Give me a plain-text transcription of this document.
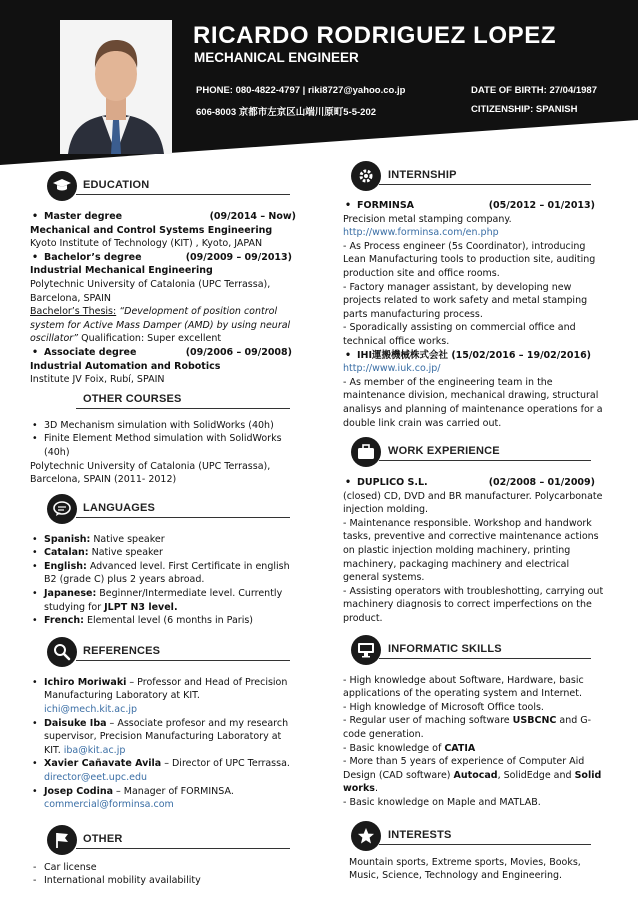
RICARDO RODRIGUEZ LOPEZ
MECHANICAL ENGINEER
PHONE: 080-4822-4797 | riki8727@yahoo.co.jp
606-8003 京都市左京区山端川原町5-5-202
DATE OF BIRTH: 27/04/1987
CITIZENSHIP: SPANISH
EDUCATION
• Master degree	(09/2014 – Now)
Mechanical and Control Systems Engineering
Kyoto Institute of Technology (KIT) , Kyoto, JAPAN
• Bachelor’s degree	(09/2009 – 09/2013)
Industrial Mechanical Engineering
Polytechnic University of Catalonia (UPC Terrassa), Barcelona, SPAIN
Bachelor’s Thesis: “Development of position control system for Active Mass Damper (AMD) by using neural oscillator” Qualification: Super excellent
• Associate degree	(09/2006 – 09/2008)
Industrial Automation and Robotics
Institute JV Foix, Rubí, SPAIN
OTHER COURSES
• 3D Mechanism simulation with SolidWorks (40h)
• Finite Element Method simulation with SolidWorks (40h)
Polytechnic University of Catalonia (UPC Terrassa), Barcelona, SPAIN (2011- 2012)
LANGUAGES
• Spanish: Native speaker
• Catalan: Native speaker
• English: Advanced level. First Certificate in english B2 (grade C) plus 2 years abroad.
• Japanese: Beginner/Intermediate level. Currently studying for JLPT N3 level.
• French: Elemental level (6 months in Paris)
REFERENCES
• Ichiro Moriwaki – Professor and Head of Precision Manufacturing Laboratory at KIT.
ichi@mech.kit.ac.jp
• Daisuke Iba – Associate profesor and my research supervisor, Precision Manufacturing Laboratory at KIT. iba@kit.ac.jp
• Xavier Cañavate Avila – Director of UPC Terrassa.
director@eet.upc.edu
• Josep Codina – Manager of FORMINSA.
commercial@forminsa.com
OTHER
- Car license
- International mobility availability
INTERNSHIP
• FORMINSA	(05/2012 – 01/2013)
Precision metal stamping company.
http://www.forminsa.com/en.php
- As Process engineer (5s Coordinator), introducing Lean Manufacturing tools to production site, auditing production site and office rooms.
- Factory manager assistant, by developing new projects related to work safety and metal stamping parts manufacturing process.
- Sporadically assisting on commercial office and technical office works.
• IHI運搬機械株式会社 (15/02/2016 – 19/02/2016)
http://www.iuk.co.jp/
- As member of the engineering team in the maintenance division, mechanical drawing, structural analisys and planning of maintenance operations for a double link crain was carried out.
WORK EXPERIENCE
• DUPLICO S.L.	(02/2008 – 01/2009)
(closed) CD, DVD and BR manufacturer. Polycarbonate injection molding.
- Maintenance responsible. Workshop and handwork tasks, preventive and corrective maintenance actions on plastic injection molding machinery, printing machinery, packaging machinery and electrical general systems.
- Assisting operators with troubleshotting, carrying out machinery diagnosis to correct imperfections on the product.
INFORMATIC SKILLS
- High knowledge about Software, Hardware, basic applications of the operating system and Internet.
- High knowledge of Microsoft Office tools.
- Regular user of maching software USBCNC and G-code generation.
- Basic knowledge of CATIA
- More than 5 years of experience of Computer Aid Design (CAD software) Autocad, SolidEdge and Solid works.
- Basic knowledge on Maple and MATLAB.
INTERESTS
Mountain sports, Extreme sports, Movies, Books, Music, Science, Technology and Engineering.
